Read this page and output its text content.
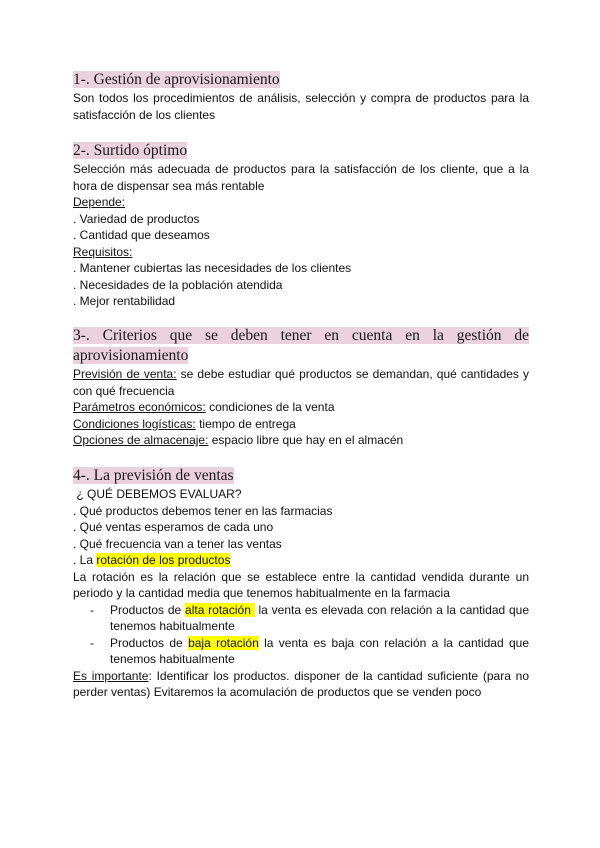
1-. Gestión de aprovisionamiento

Son todos los procedimientos de análisis, selección y compra de productos para la satisfacción de los clientes

2-. Surtido óptimo

Selección más adecuada de productos para la satisfacción de los cliente, que a la hora de dispensar sea más rentable

Depende:
. Variedad de productos
. Cantidad que deseamos
Requisitos:
. Mantener cubiertas las necesidades de los clientes
. Necesidades de la población atendida
. Mejor rentabilidad
3-. Criterios que se deben tener en cuenta en la gestión de aprovisionamiento

Previsión de venta: se debe estudiar qué productos se demandan, qué cantidades y con qué frecuencia

Parámetros económicos: condiciones de la venta

Condiciones logísticas: tiempo de entrega

Opciones de almacenaje: espacio libre que hay en el almacén

4-. La previsión de ventas
¿ QUÉ DEBEMOS EVALUAR?
. Qué productos debemos tener en las farmacias
. Qué ventas esperamos de cada uno
. Qué frecuencia van a tener las ventas
. La rotación de los productos

La rotación es la relación que se establece entre la cantidad vendida durante un periodo y la cantidad media que tenemos habitualmente en la farmacia

- Productos de alta rotación  la venta es elevada con relación a la cantidad que tenemos habitualmente
- Productos de baja rotación la venta es baja con relación a la cantidad que tenemos habitualmente

Es importante: Identificar los productos. disponer de la cantidad suficiente (para no perder ventas) Evitaremos la acomulación de productos que se venden poco
